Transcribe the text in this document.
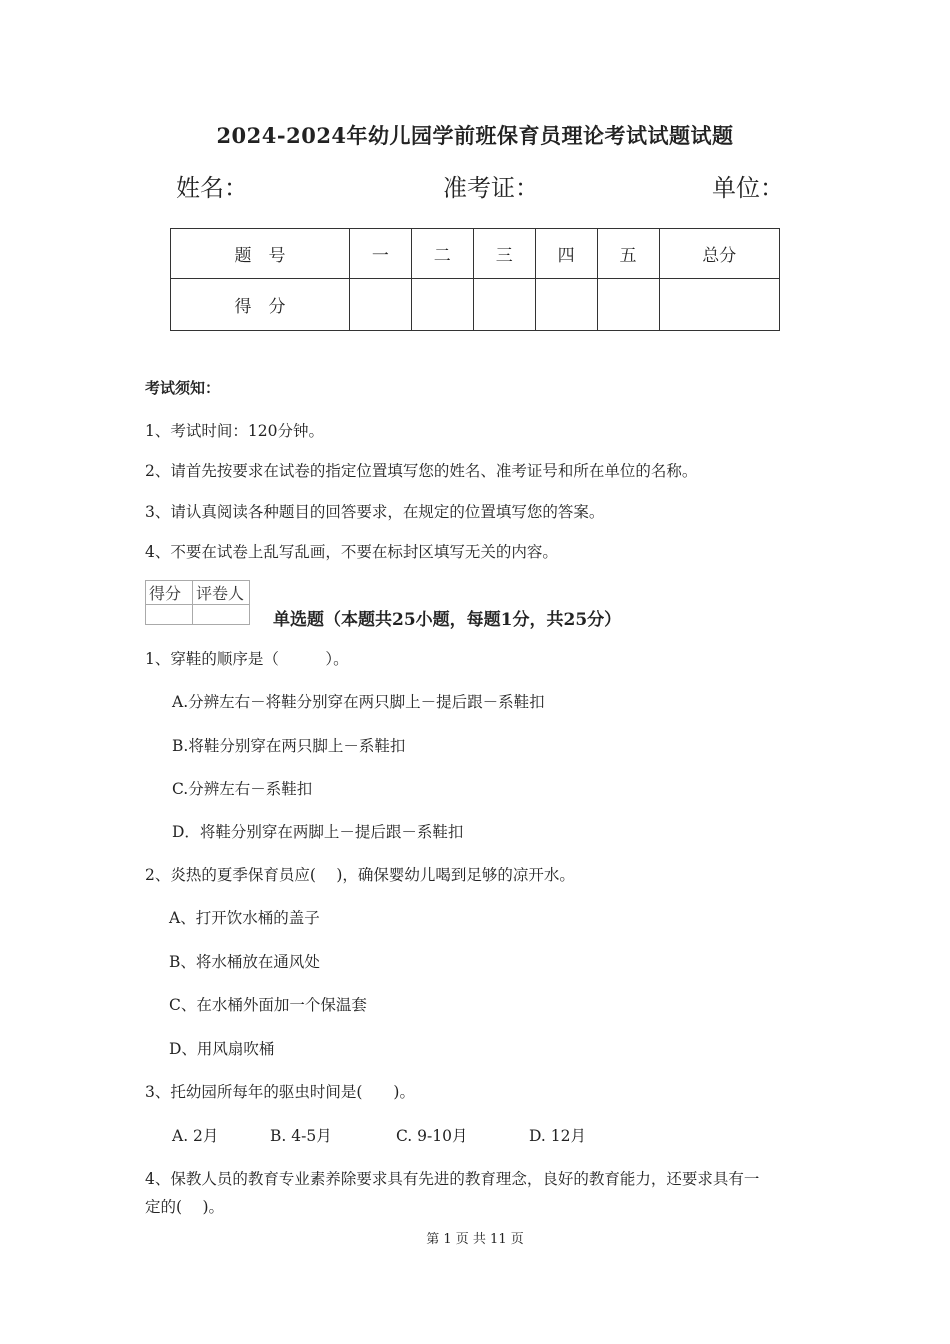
2024-2024年幼儿园学前班保育员理论考试试题试题
姓名：	准考证：	单位：
题　号	一	二	三	四	五	总分
得　分						
考试须知：
1、考试时间：120分钟。
2、请首先按要求在试卷的指定位置填写您的姓名、准考证号和所在单位的名称。
3、请认真阅读各种题目的回答要求，在规定的位置填写您的答案。
4、不要在试卷上乱写乱画，不要在标封区填写无关的内容。
得分	评卷人

单选题（本题共25小题，每题1分，共25分）
1、穿鞋的顺序是（　　　）。
A.分辨左右－将鞋分别穿在两只脚上－提后跟－系鞋扣
B.将鞋分别穿在两只脚上－系鞋扣
C.分辨左右－系鞋扣
D．将鞋分别穿在两脚上－提后跟－系鞋扣
2、炎热的夏季保育员应(　 )，确保婴幼儿喝到足够的凉开水。
A、打开饮水桶的盖子
B、将水桶放在通风处
C、在水桶外面加一个保温套
D、用风扇吹桶
3、托幼园所每年的驱虫时间是(　　)。
A. 2月	B. 4-5月	C. 9-10月	D. 12月
4、保教人员的教育专业素养除要求具有先进的教育理念，良好的教育能力，还要求具有一
定的(　 )。
第 1 页 共 11 页
